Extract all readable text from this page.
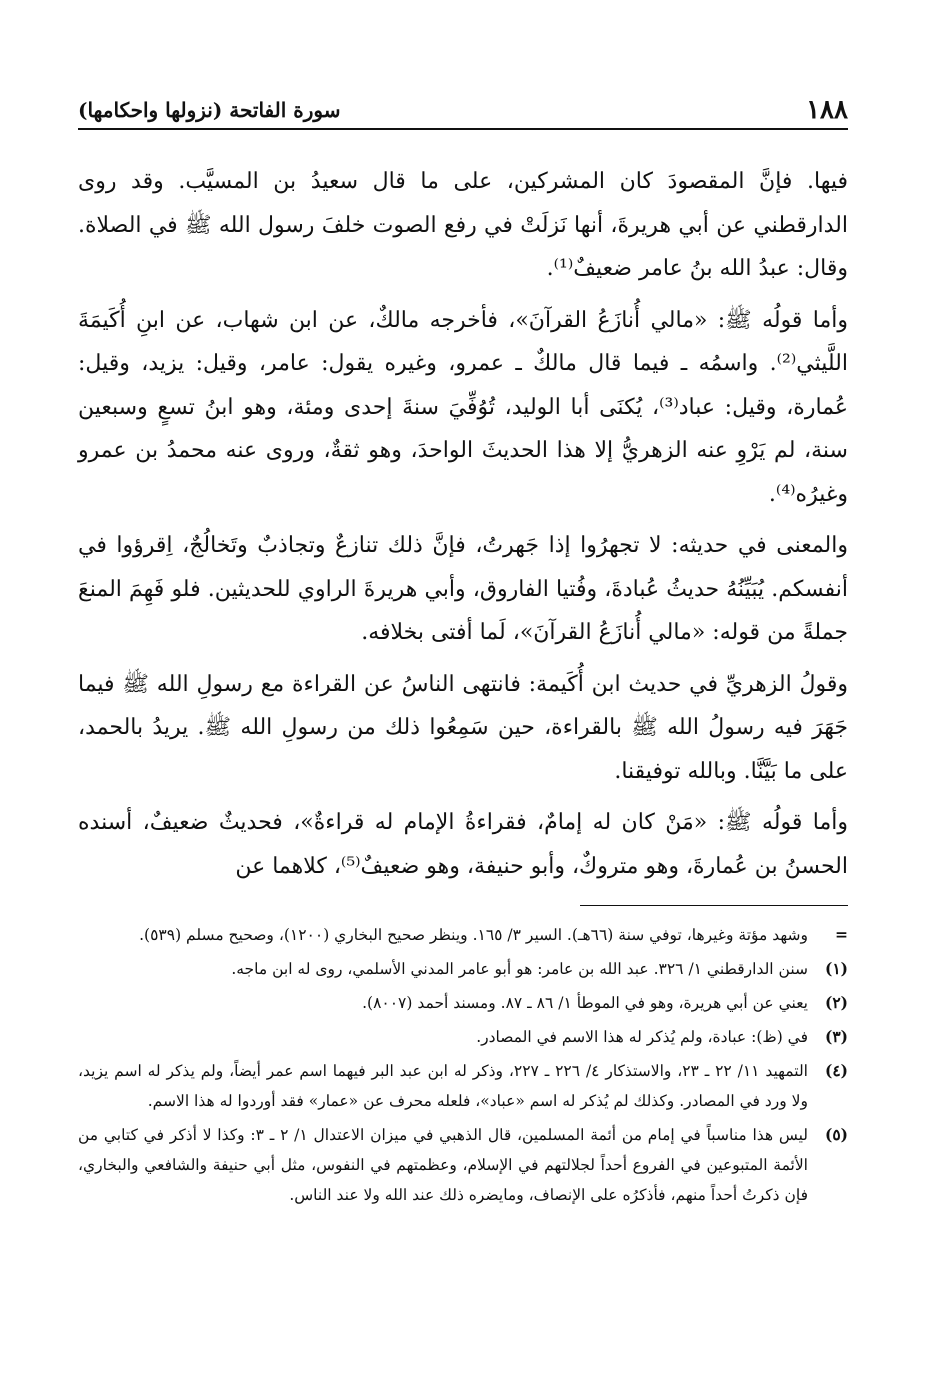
١٨٨
سورة الفاتحة (نزولها واحكامها)

فيها. فإنَّ المقصودَ كان المشركين، على ما قال سعيدُ بن المسيَّب. وقد روى الدارقطني عن أبي هريرةَ، أنها نَزلَتْ في رفع الصوت خلفَ رسول الله ﷺ في الصلاة. وقال: عبدُ الله بنُ عامر ضعيفٌ⁽¹⁾.

وأما قولُه ﷺ: «مالي أُنازَعُ القرآنَ»، فأخرجه مالكٌ، عن ابن شهاب، عن ابنِ أُكَيمَةَ اللَّيثي⁽²⁾. واسمُه ـ فيما قال مالكٌ ـ عمرو، وغيره يقول: عامر، وقيل: يزيد، وقيل: عُمارة، وقيل: عباد⁽³⁾، يُكنَى أبا الوليد، تُوُفِّيَ سنةَ إحدى ومئة، وهو ابنُ تسعٍ وسبعين سنة، لم يَرْوِ عنه الزهريُّ إلا هذا الحديثَ الواحدَ، وهو ثقةٌ، وروى عنه محمدُ بن عمرو وغيرُه⁽⁴⁾.

والمعنى في حديثه: لا تجهرُوا إذا جَهرتُ، فإنَّ ذلك تنازعٌ وتجاذبٌ وتَخالُجٌ، اِقرؤوا في أنفسكم. يُبَيِّنُهُ حديثُ عُبادةَ، وفُتيا الفاروق، وأبي هريرةَ الراوي للحديثين. فلو فَهِمَ المنعَ جملةً من قوله: «مالي أُنازَعُ القرآنَ»، لَما أفتى بخلافه.

وقولُ الزهريِّ في حديث ابن أُكَيمة: فانتهى الناسُ عن القراءة مع رسولِ الله ﷺ فيما جَهَرَ فيه رسولُ الله ﷺ بالقراءة، حين سَمِعُوا ذلك من رسولِ الله ﷺ. يريدُ بالحمد، على ما بَيَّنَّا. وبالله توفيقنا.

وأما قولُه ﷺ: «مَنْ كان له إمامٌ، فقراءةُ الإمام له قراءةٌ»، فحديثٌ ضعيفٌ، أسنده الحسنُ بن عُمارةَ، وهو متروكٌ، وأبو حنيفة، وهو ضعيفٌ⁽⁵⁾، كلاهما عن

=
وشهد مؤتة وغيرها، توفي سنة (٦٦هـ). السير ٣/ ١٦٥. وينظر صحيح البخاري (١٢٠٠)، وصحيح مسلم (٥٣٩).
(١)
سنن الدارقطني ١/ ٣٢٦. عبد الله بن عامر: هو أبو عامر المدني الأسلمي، روى له ابن ماجه.
(٢)
يعني عن أبي هريرة، وهو في الموطأ ١/ ٨٦ ـ ٨٧. ومسند أحمد (٨٠٠٧).
(٣)
في (ظ): عبادة، ولم يُذكر له هذا الاسم في المصادر.
(٤)
التمهيد ١١/ ٢٢ ـ ٢٣، والاستذكار ٤/ ٢٢٦ ـ ٢٢٧، وذكر له ابن عبد البر فيهما اسم عمر أيضاً، ولم يذكر له اسم يزيد، ولا ورد في المصادر. وكذلك لم يُذكر له اسم «عباد»، فلعله محرف عن «عمار» فقد أوردوا له هذا الاسم.
(٥)
ليس هذا مناسباً في إمام من أئمة المسلمين، قال الذهبي في ميزان الاعتدال ١/ ٢ ـ ٣: وكذا لا أذكر في كتابي من الأئمة المتبوعين في الفروع أحداً لجلالتهم في الإسلام، وعظمتهم في النفوس، مثل أبي حنيفة والشافعي والبخاري، فإن ذكرتُ أحداً منهم، فأذكرُه على الإنصاف، ومايضره ذلك عند الله ولا عند الناس.
